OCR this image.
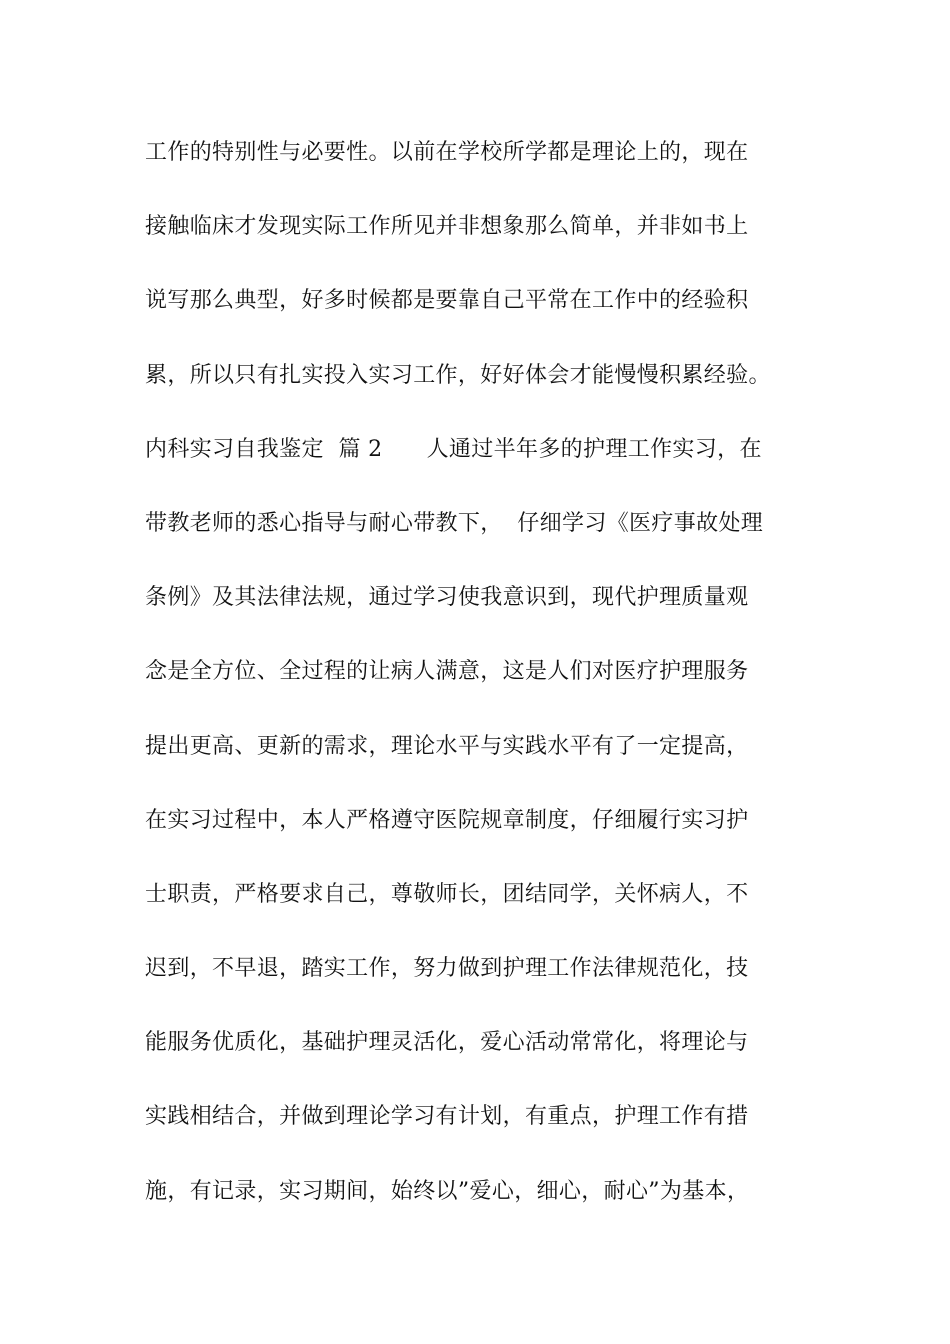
工作的特别性与必要性。以前在学校所学都是理论上的，现在
接触临床才发现实际工作所见并非想象那么简单，并非如书上
说写那么典型，好多时候都是要靠自己平常在工作中的经验积
累，所以只有扎实投入实习工作，好好体会才能慢慢积累经验。
内科实习自我鉴定  篇 2      人通过半年多的护理工作实习，在
带教老师的悉心指导与耐心带教下，  仔细学习《医疗事故处理
条例》及其法律法规，通过学习使我意识到，现代护理质量观
念是全方位、全过程的让病人满意，这是人们对医疗护理服务
提出更高、更新的需求，理论水平与实践水平有了一定提高，
在实习过程中，本人严格遵守医院规章制度，仔细履行实习护
士职责，严格要求自己，尊敬师长，团结同学，关怀病人，不
迟到，不早退，踏实工作，努力做到护理工作法律规范化，技
能服务优质化，基础护理灵活化，爱心活动常常化，将理论与
实践相结合，并做到理论学习有计划，有重点，护理工作有措
施，有记录，实习期间，始终以”爱心，细心，耐心”为基本，
